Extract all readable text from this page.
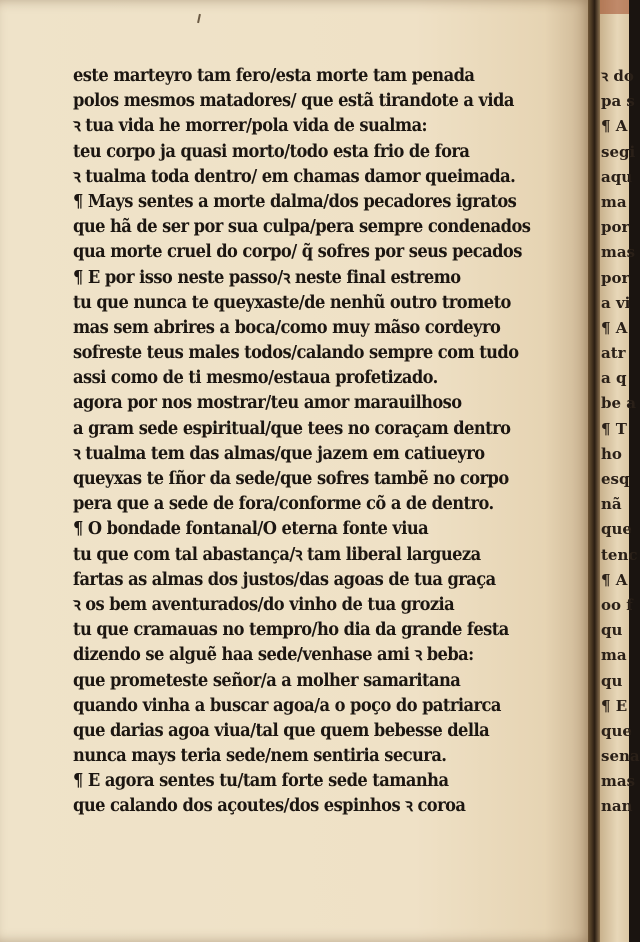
este marteyro tam fero/esta morte tam penada
polos mesmos matadores/ que estã tirandote a vida
ꝛ tua vida he morrer/pola vida de sualma:
teu corpo ja quasi morto/todo esta frio de fora
ꝛ tualma toda dentro/ em chamas damor queimada.
¶ Mays sentes a morte dalma/dos pecadores igratos
que hã de ser por sua culpa/pera sempre condenados
qua morte cruel do corpo/ q̃ sofres por seus pecados
¶ E por isso neste passo/ꝛ neste final estremo
tu que nunca te queyxaste/de nenhũ outro trometo
mas sem abrires a boca/como muy mãso cordeyro
sofreste teus males todos/calando sempre com tudo
assi como de ti mesmo/estaua profetizado.
agora por nos mostrar/teu amor marauilhoso
a gram sede espiritual/que tees no coraçam dentro
ꝛ tualma tem das almas/que jazem em catiueyro
queyxas te ſñor da sede/que sofres tambẽ no corpo
pera que a sede de fora/conforme cõ a de dentro.
¶ O bondade fontanal/O eterna fonte viua
tu que com tal abastança/ꝛ tam liberal largueza
fartas as almas dos justos/das agoas de tua graça
ꝛ os bem aventurados/do vinho de tua grozia
tu que cramauas no tempro/ho dia da grande festa
dizendo se alguẽ haa sede/venhase ami ꝛ beba:
que prometeste señor/a a molher samaritana
quando vinha a buscar agoa/a o poço do patriarca
que darias agoa viua/tal que quem bebesse della
nunca mays teria sede/nem sentiria secura.
¶ E agora sentes tu/tam forte sede tamanha
que calando dos açoutes/dos espinhos ꝛ coroa
ꝛ do
pa s
¶ A
segi
aqu
ma
por
mas
por
a vi
¶ A
atr
a q
be a
¶ T
ho
esq
nã
que
tenc
¶ A
oo f
qu
ma
qu
¶ E
que
sena
mas
nan
